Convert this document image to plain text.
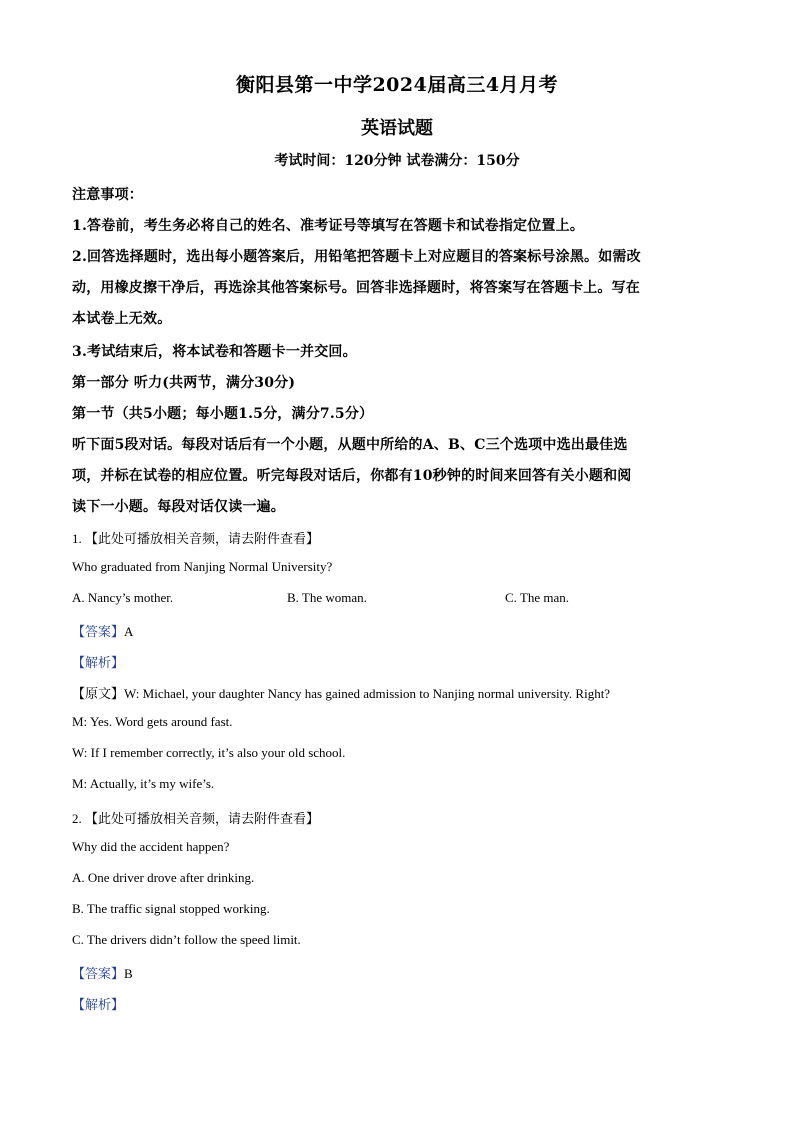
衡阳县第一中学2024届高三4月月考
英语试题
考试时间：120分钟 试卷满分：150分
注意事项：
1.答卷前，考生务必将自己的姓名、准考证号等填写在答题卡和试卷指定位置上。
2.回答选择题时，选出每小题答案后，用铅笔把答题卡上对应题目的答案标号涂黑。如需改
动，用橡皮擦干净后，再选涂其他答案标号。回答非选择题时，将答案写在答题卡上。写在
本试卷上无效。
3.考试结束后，将本试卷和答题卡一并交回。
第一部分 听力(共两节，满分30分)
第一节（共5小题；每小题1.5分，满分7.5分）
听下面5段对话。每段对话后有一个小题，从题中所给的A、B、C三个选项中选出最佳选
项，并标在试卷的相应位置。听完每段对话后，你都有10秒钟的时间来回答有关小题和阅
读下一小题。每段对话仅读一遍。
1. 【此处可播放相关音频，请去附件查看】
Who graduated from Nanjing Normal University?
A. Nancy’s mother.	B. The woman.	C. The man.
【答案】A
【解析】
【原文】W: Michael, your daughter Nancy has gained admission to Nanjing normal university. Right?
M: Yes. Word gets around fast.
W: If I remember correctly, it’s also your old school.
M: Actually, it’s my wife’s.
2. 【此处可播放相关音频，请去附件查看】
Why did the accident happen?
A. One driver drove after drinking.
B. The traffic signal stopped working.
C. The drivers didn’t follow the speed limit.
【答案】B
【解析】
